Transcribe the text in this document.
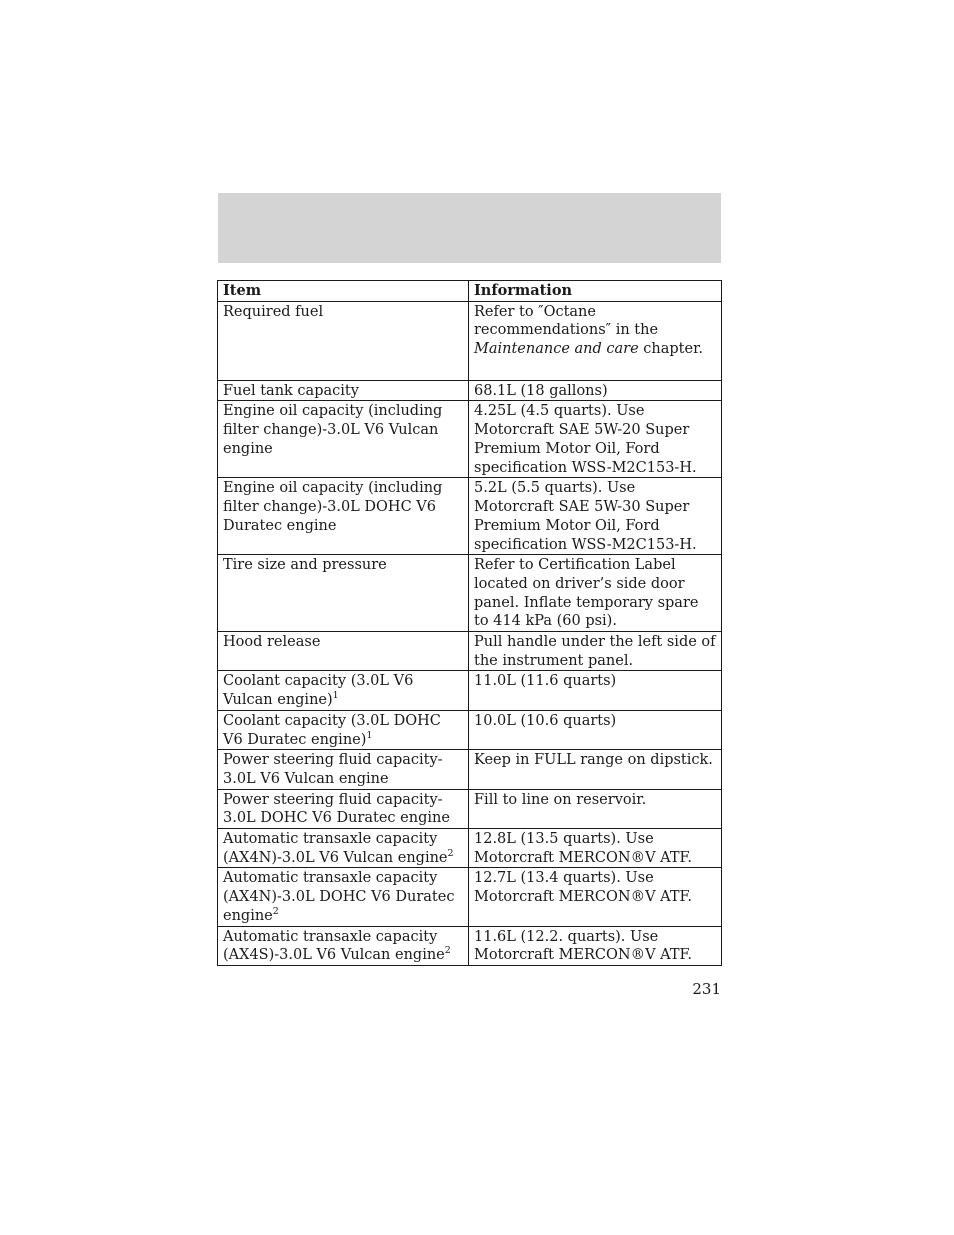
Item	Information
Required fuel	Refer to ″Octane recommendations″ in the Maintenance and care chapter.
Fuel tank capacity	68.1L (18 gallons)
Engine oil capacity (including filter change)-3.0L V6 Vulcan engine	4.25L (4.5 quarts). Use Motorcraft SAE 5W-20 Super Premium Motor Oil, Ford specification WSS-M2C153-H.
Engine oil capacity (including filter change)-3.0L DOHC V6 Duratec engine	5.2L (5.5 quarts). Use Motorcraft SAE 5W-30 Super Premium Motor Oil, Ford specification WSS-M2C153-H.
Tire size and pressure	Refer to Certification Label located on driver’s side door panel. Inflate temporary spare to 414 kPa (60 psi).
Hood release	Pull handle under the left side of the instrument panel.
Coolant capacity (3.0L V6 Vulcan engine)$^1$	11.0L (11.6 quarts)
Coolant capacity (3.0L DOHC V6 Duratec engine)$^1$	10.0L (10.6 quarts)
Power steering fluid capacity-3.0L V6 Vulcan engine	Keep in FULL range on dipstick.
Power steering fluid capacity-3.0L DOHC V6 Duratec engine	Fill to line on reservoir.
Automatic transaxle capacity (AX4N)-3.0L V6 Vulcan engine$^2$	12.8L (13.5 quarts). Use Motorcraft MERCON®V ATF.
Automatic transaxle capacity (AX4N)-3.0L DOHC V6 Duratec engine$^2$	12.7L (13.4 quarts). Use Motorcraft MERCON®V ATF.
Automatic transaxle capacity (AX4S)-3.0L V6 Vulcan engine$^2$	11.6L (12.2. quarts). Use Motorcraft MERCON®V ATF.
231
